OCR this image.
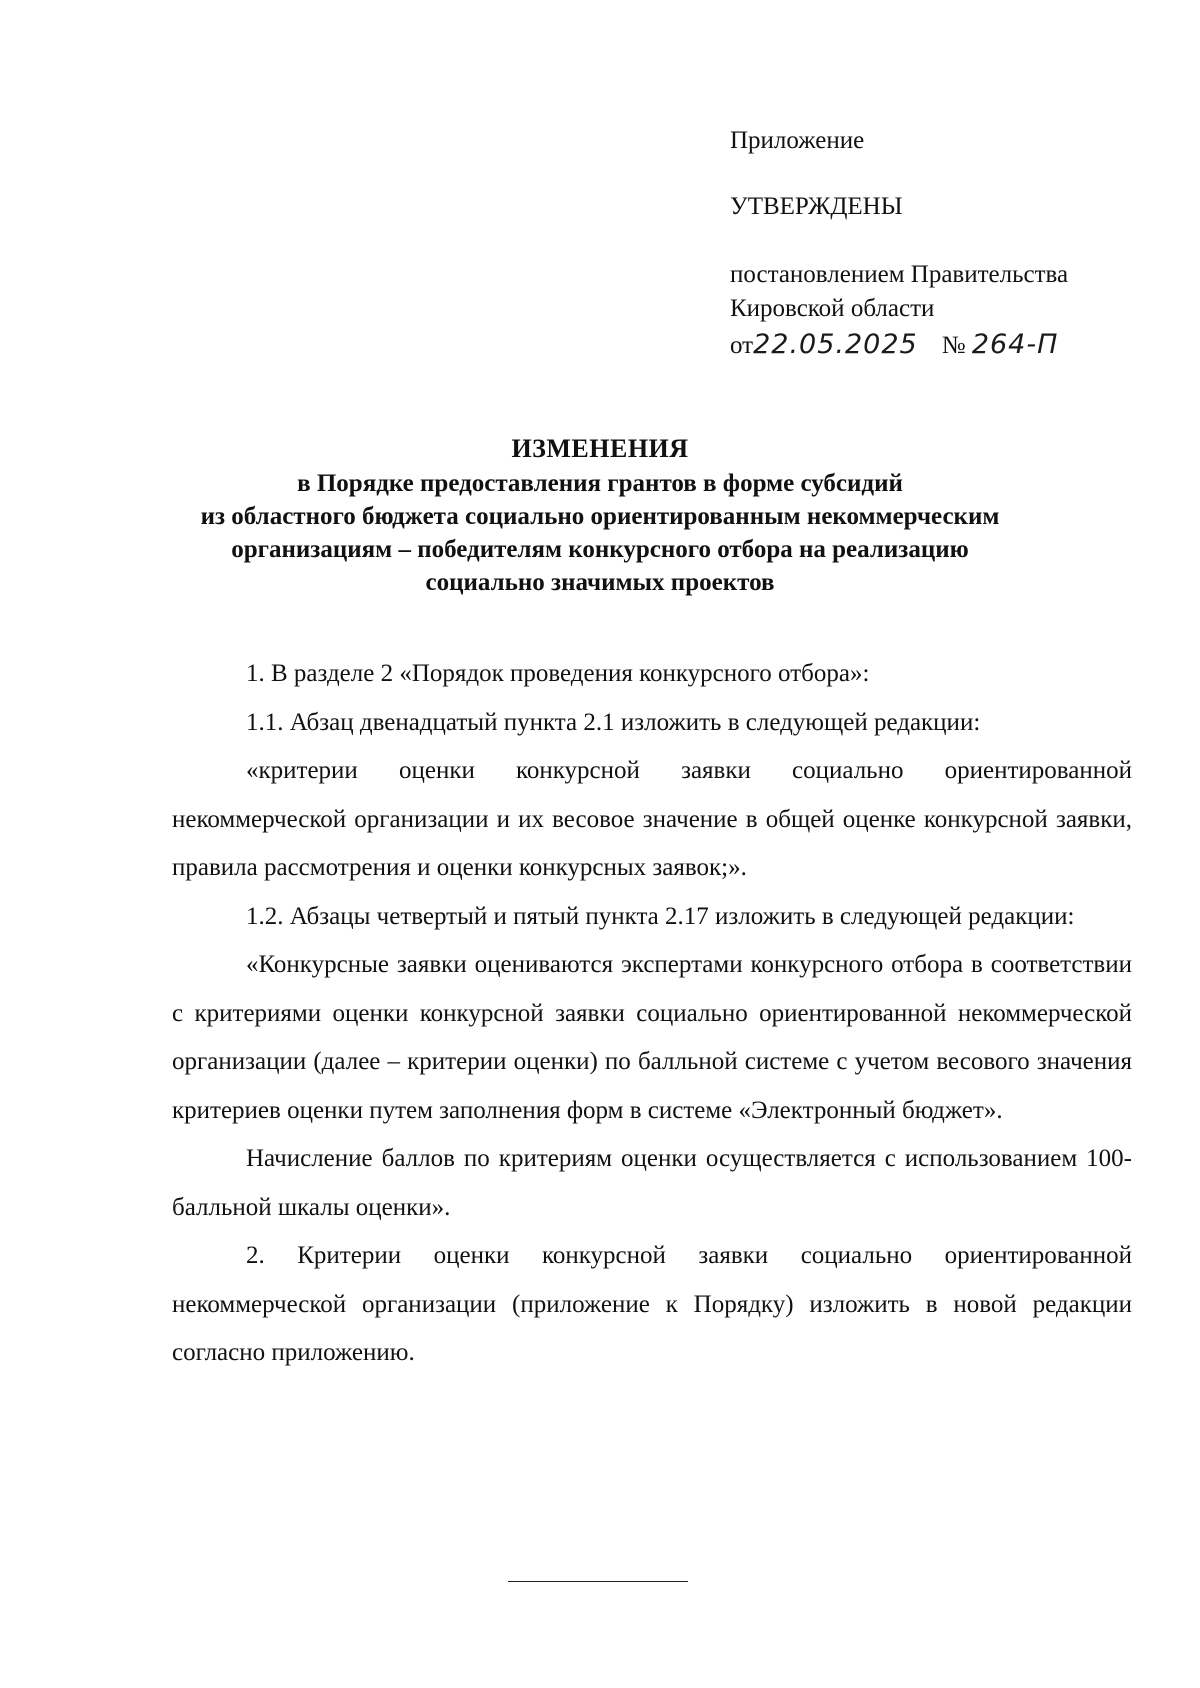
Приложение
УТВЕРЖДЕНЫ
постановлением Правительства
Кировской области
от22.05.2025 № 264-П
ИЗМЕНЕНИЯ
в Порядке предоставления грантов в форме субсидий
из областного бюджета социально ориентированным некоммерческим
организациям – победителям конкурсного отбора на реализацию
социально значимых проектов

1. В разделе 2 «Порядок проведения конкурсного отбора»:

1.1. Абзац двенадцатый пункта 2.1 изложить в следующей редакции:

«критерии оценки конкурсной заявки социально ориентированной некоммерческой организации и их весовое значение в общей оценке конкурсной заявки, правила рассмотрения и оценки конкурсных заявок;».

1.2. Абзацы четвертый и пятый пункта 2.17 изложить в следующей редакции:

«Конкурсные заявки оцениваются экспертами конкурсного отбора в соответствии с критериями оценки конкурсной заявки социально ориентированной некоммерческой организации (далее – критерии оценки) по балльной системе с учетом весового значения критериев оценки путем заполнения форм в системе «Электронный бюджет».

Начисление баллов по критериям оценки осуществляется с использованием 100-балльной шкалы оценки».

2. Критерии оценки конкурсной заявки социально ориентированной некоммерческой организации (приложение к Порядку) изложить в новой редакции согласно приложению.
